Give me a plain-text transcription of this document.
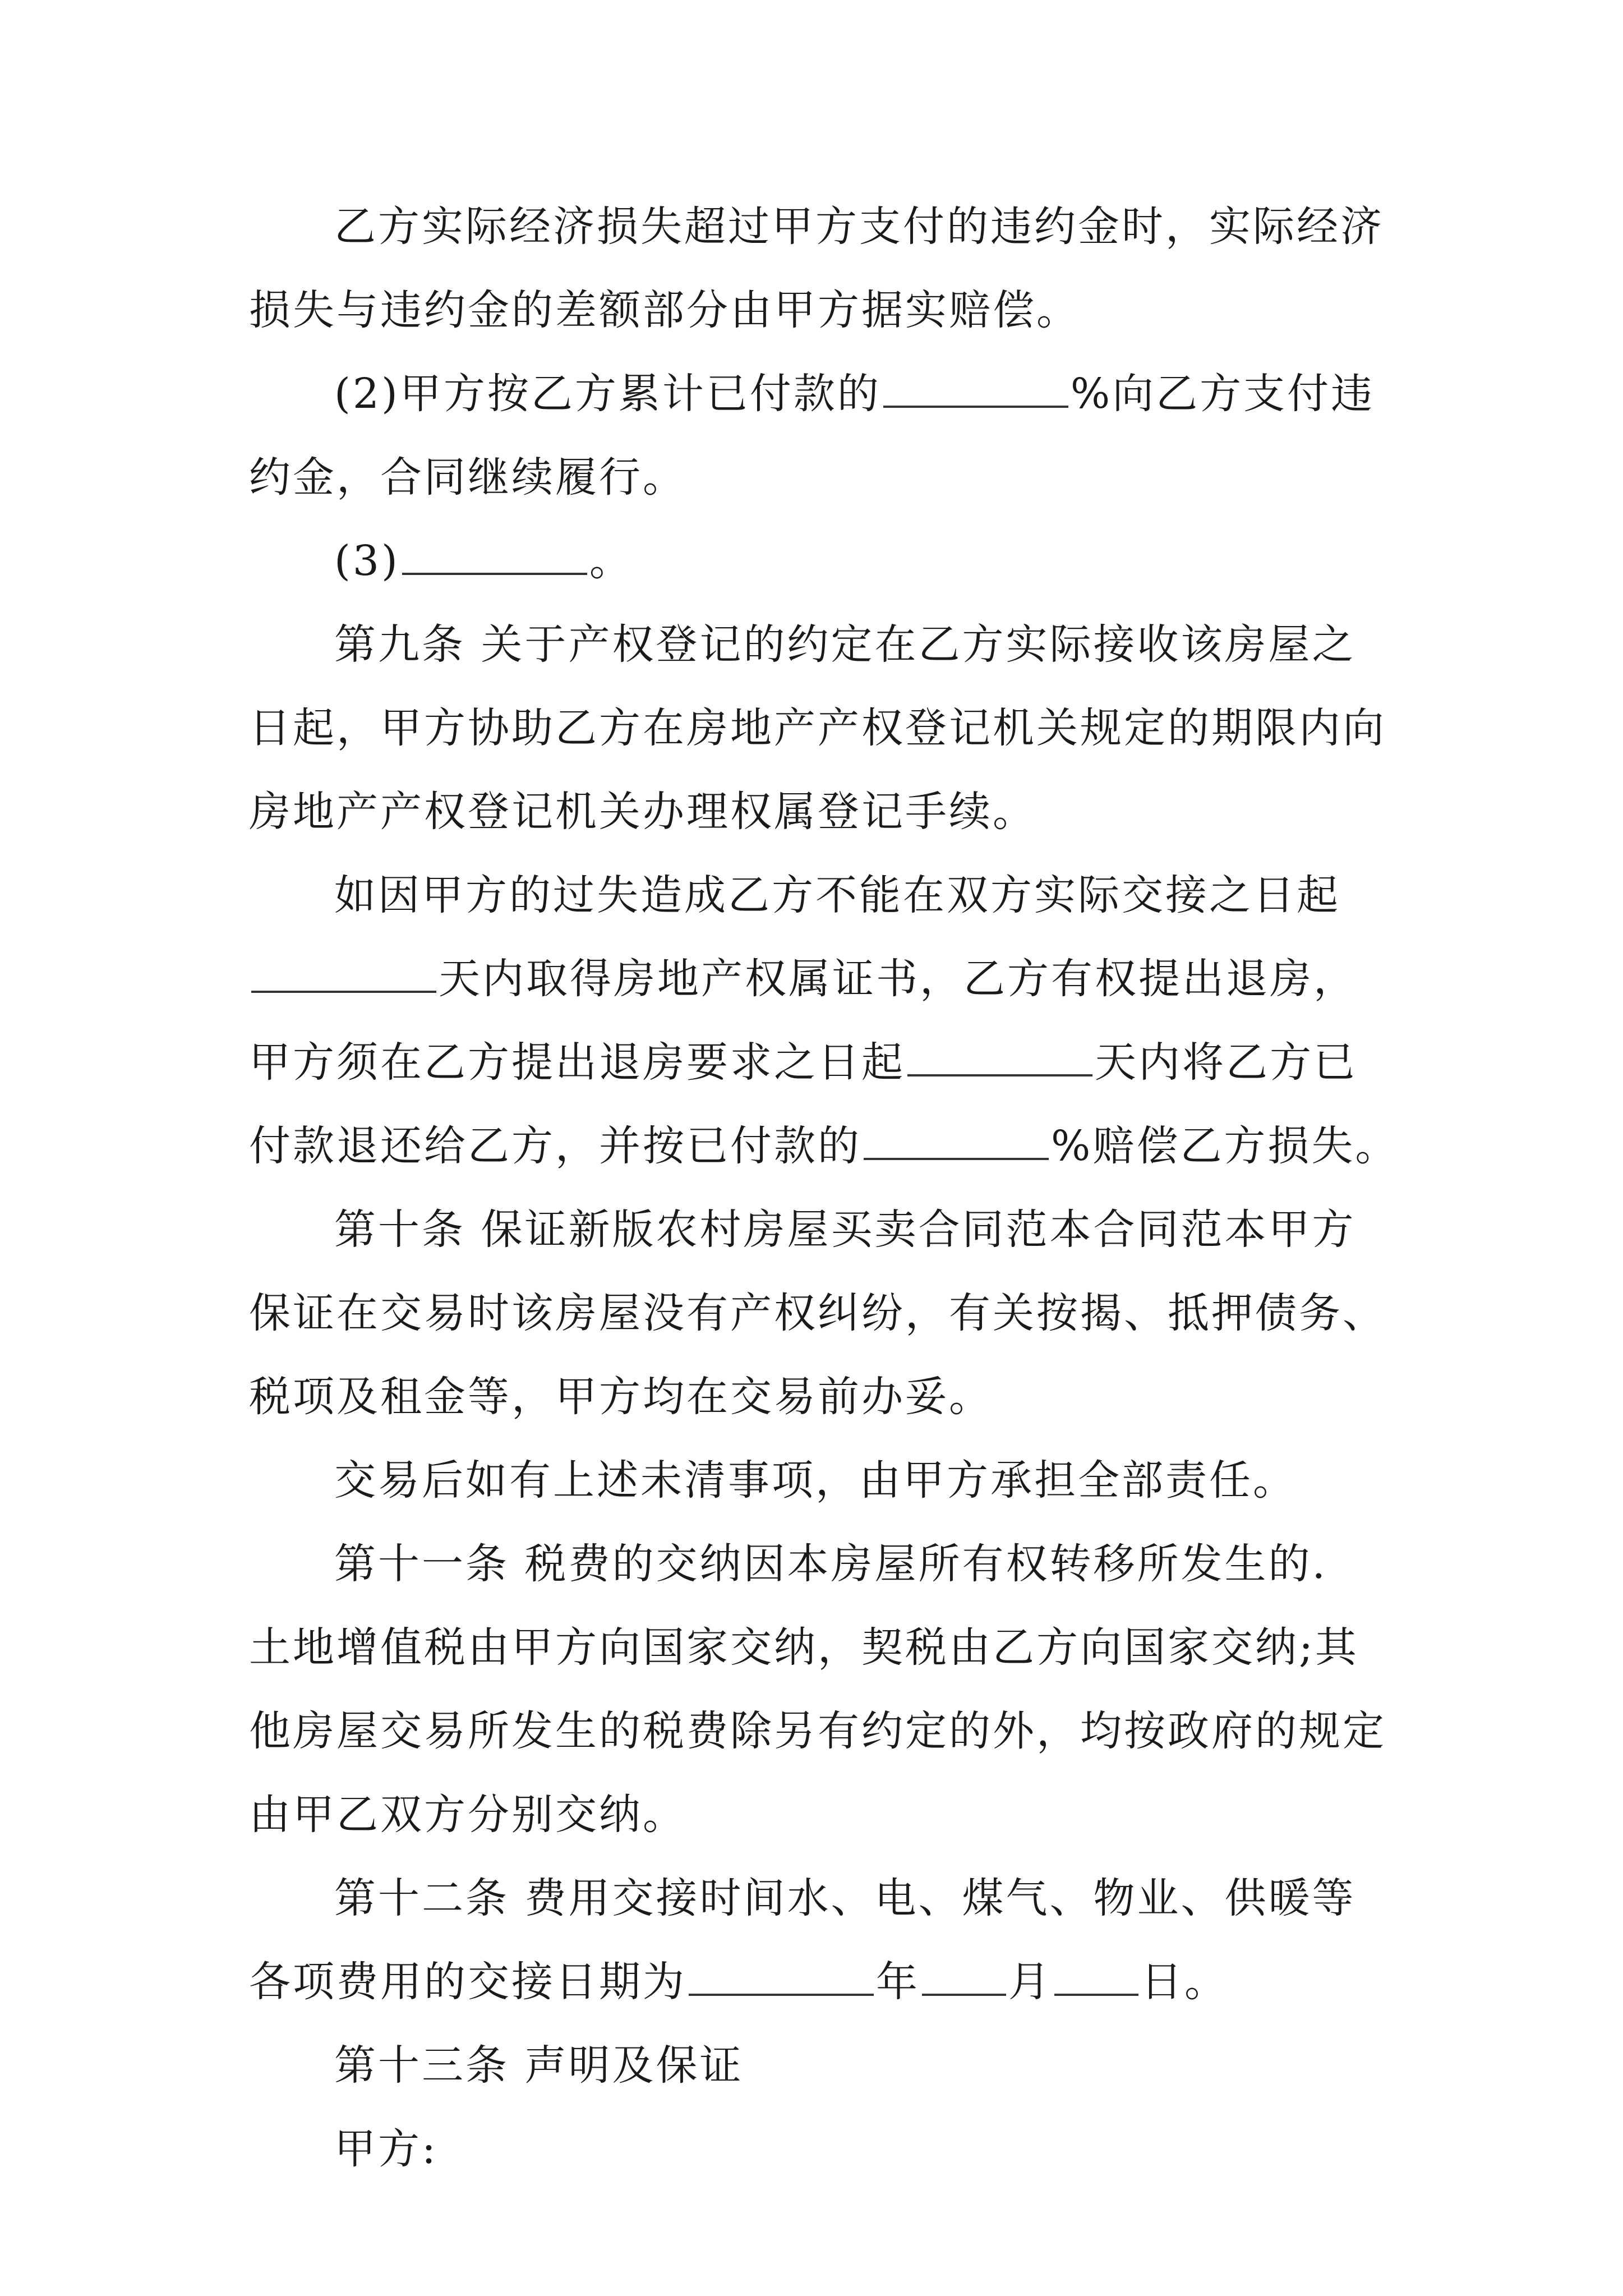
乙方实际经济损失超过甲方支付的违约金时，实际经济
损失与违约金的差额部分由甲方据实赔偿。
(2)甲方按乙方累计已付款的	%向乙方支付违
约金，合同继续履行。
(3)	。
第九条 关于产权登记的约定在乙方实际接收该房屋之
日起，甲方协助乙方在房地产产权登记机关规定的期限内向
房地产产权登记机关办理权属登记手续。
如因甲方的过失造成乙方不能在双方实际交接之日起
天内取得房地产权属证书，乙方有权提出退房，
甲方须在乙方提出退房要求之日起	天内将乙方已
付款退还给乙方，并按已付款的	%赔偿乙方损失。
第十条 保证新版农村房屋买卖合同范本合同范本甲方
保证在交易时该房屋没有产权纠纷，有关按揭、抵押债务、
税项及租金等，甲方均在交易前办妥。
交易后如有上述未清事项，由甲方承担全部责任。
第十一条 税费的交纳因本房屋所有权转移所发生的.
土地增值税由甲方向国家交纳，契税由乙方向国家交纳;其
他房屋交易所发生的税费除另有约定的外，均按政府的规定
由甲乙双方分别交纳。
第十二条 费用交接时间水、电、煤气、物业、供暖等
各项费用的交接日期为	年 月 日。
第十三条 声明及保证
甲方:
